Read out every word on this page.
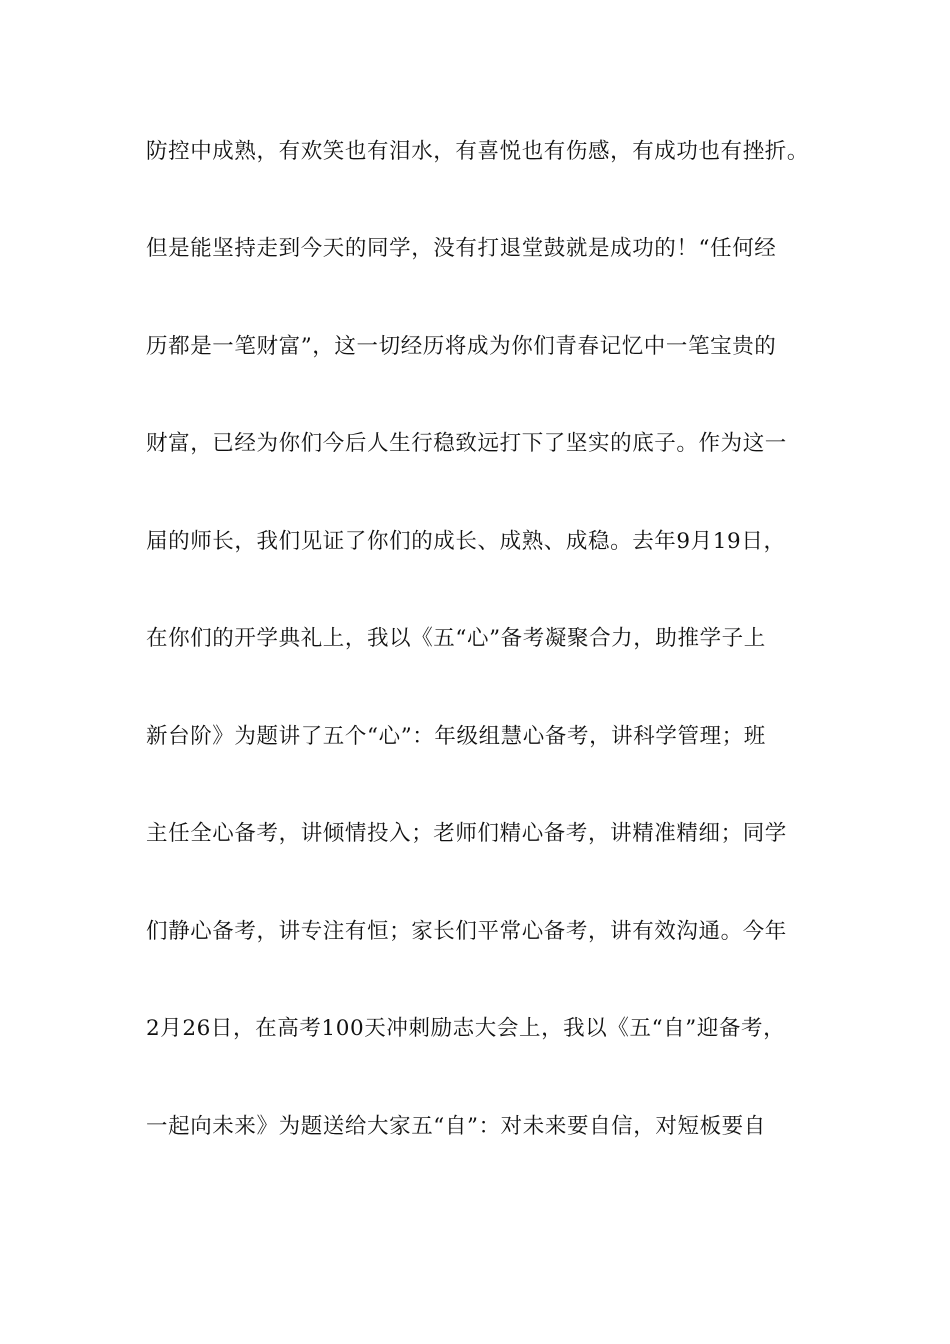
防控中成熟，有欢笑也有泪水，有喜悦也有伤感，有成功也有挫折。
但是能坚持走到今天的同学，没有打退堂鼓就是成功的！“任何经
历都是一笔财富”，这一切经历将成为你们青春记忆中一笔宝贵的
财富，已经为你们今后人生行稳致远打下了坚实的底子。作为这一
届的师长，我们见证了你们的成长、成熟、成稳。去年9月19日，
在你们的开学典礼上，我以《五“心”备考凝聚合力，助推学子上
新台阶》为题讲了五个“心”：年级组慧心备考，讲科学管理；班
主任全心备考，讲倾情投入；老师们精心备考，讲精准精细；同学
们静心备考，讲专注有恒；家长们平常心备考，讲有效沟通。今年
2月26日，在高考100天冲刺励志大会上，我以《五“自”迎备考，
一起向未来》为题送给大家五“自”：对未来要自信，对短板要自
